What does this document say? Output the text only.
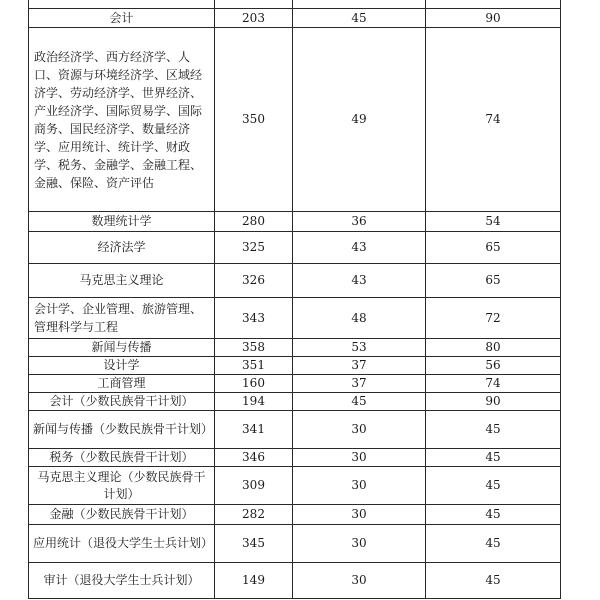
会计	203	45	90
政治经济学、西方经济学、人口、资源与环境经济学、区域经济学、劳动经济学、世界经济、产业经济学、国际贸易学、国际商务、国民经济学、数量经济学、应用统计、统计学、财政学、税务、金融学、金融工程、金融、保险、资产评估	350	49	74
数理统计学	280	36	54
经济法学	325	43	65
马克思主义理论	326	43	65
会计学、企业管理、旅游管理、管理科学与工程	343	48	72
新闻与传播	358	53	80
设计学	351	37	56
工商管理	160	37	74
会计（少数民族骨干计划）	194	45	90
新闻与传播（少数民族骨干计划）	341	30	45
税务（少数民族骨干计划）	346	30	45
马克思主义理论（少数民族骨干计划）	309	30	45
金融（少数民族骨干计划）	282	30	45
应用统计（退役大学生士兵计划）	345	30	45
审计（退役大学生士兵计划）	149	30	45
